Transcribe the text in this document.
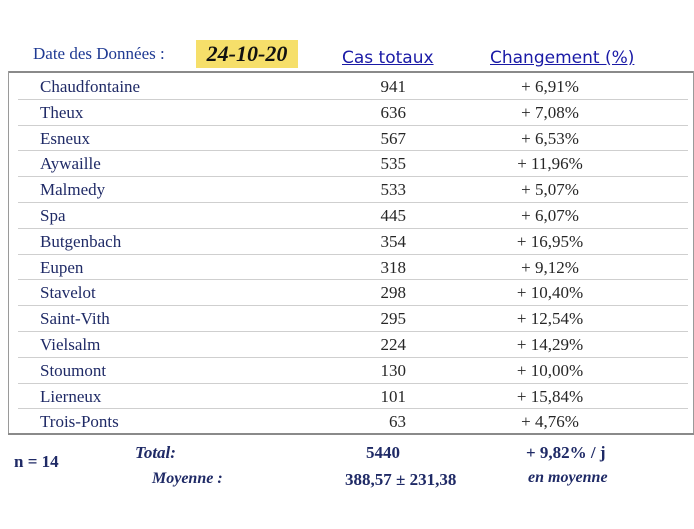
Date des Données :	24-10-20	Cas totaux	Changement (%)
Chaudfontaine	941	+ 6,91%
Theux	636	+ 7,08%
Esneux	567	+ 6,53%
Aywaille	535	+ 11,96%
Malmedy	533	+ 5,07%
Spa	445	+ 6,07%
Butgenbach	354	+ 16,95%
Eupen	318	+ 9,12%
Stavelot	298	+ 10,40%
Saint-Vith	295	+ 12,54%
Vielsalm	224	+ 14,29%
Stoumont	130	+ 10,00%
Lierneux	101	+ 15,84%
Trois-Ponts	63	+ 4,76%
n = 14	Total:	5440	+ 9,82% / j
Moyenne :	388,57 ± 231,38	en moyenne
